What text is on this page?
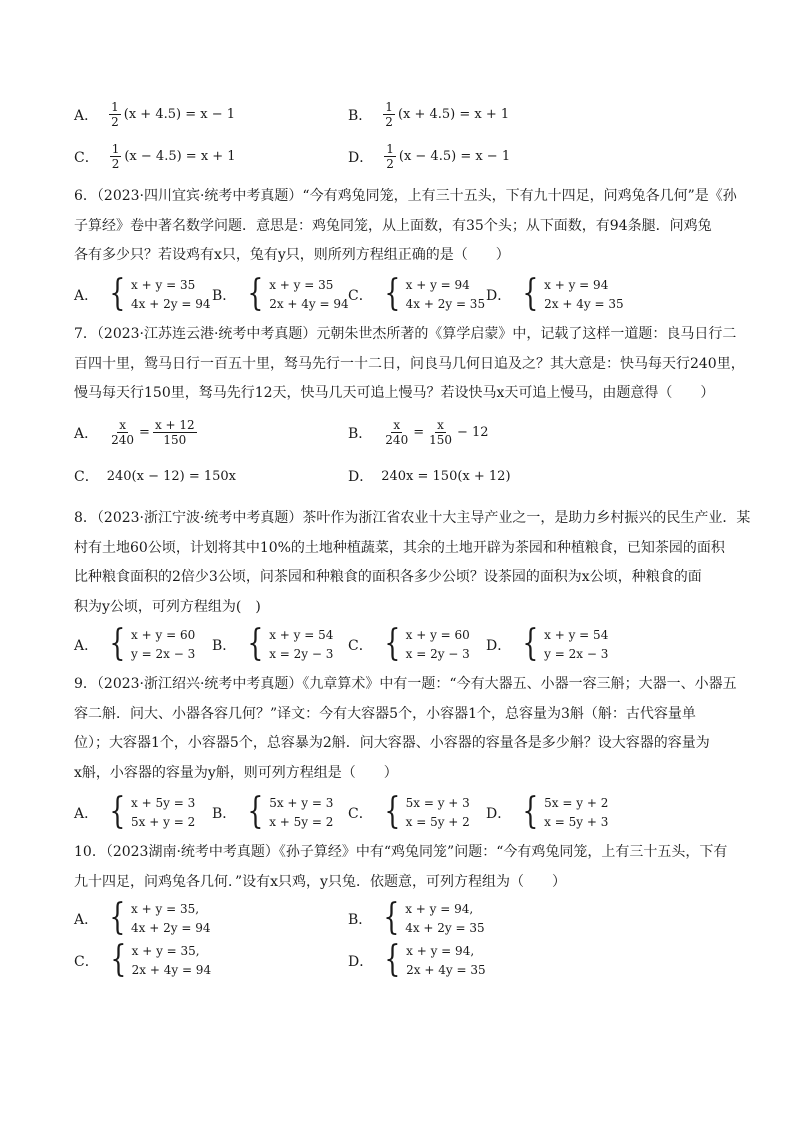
A． $\frac{1}{2} (x + 4.5) = x - 1$	B． $\frac{1}{2} (x + 4.5) = x + 1$
C． $\frac{1}{2} (x - 4.5) = x + 1$	D． $\frac{1}{2} (x - 4.5) = x - 1$
6．（2023·四川宜宾·统考中考真题）“今有鸡兔同笼，上有三十五头，下有九十四足，问鸡兔各几何”是《孙
子算经》卷中著名数学问题．意思是：鸡兔同笼，从上面数，有35个头；从下面数，有94条腿．问鸡兔
各有多少只？若设鸡有x只，兔有y只，则所列方程组正确的是（　　）
A． { x + y = 35
4x + 2y = 94 B． { x + y = 35
2x + 4y = 94 C． { x + y = 94
4x + 2y = 35 D． { x + y = 94
2x + 4y = 35
7．（2023·江苏连云港·统考中考真题）元朝朱世杰所著的《算学启蒙》中，记载了这样一道题：良马日行二
百四十里，鸳马日行一百五十里，驽马先行一十二日，问良马几何日追及之？其大意是：快马每天行240里，
慢马每天行150里，驽马先行12天，快马几天可追上慢马？若设快马x天可追上慢马，由题意得（　　）
A． $\frac{x}{240} = \frac{x + 12}{150}$	B． $\frac{x}{240} = \frac{x}{150} - 12$
C． 240(x − 12) = 150x	D． 240x = 150(x + 12)
8．（2023·浙江宁波·统考中考真题）茶叶作为浙江省农业十大主导产业之一，是助力乡村振兴的民生产业．某
村有土地60公顷，计划将其中10%的土地种植蔬菜，其余的土地开辟为茶园和种植粮食，已知茶园的面积
比种粮食面积的2倍少3公顷，问茶园和种粮食的面积各多少公顷？设茶园的面积为x公顷，种粮食的面
积为y公顷，可列方程组为(　)
A． { x + y = 60
y = 2x − 3 B． { x + y = 54
x = 2y − 3 C． { x + y = 60
x = 2y − 3 D． { x + y = 54
y = 2x − 3
9．（2023·浙江绍兴·统考中考真题）《九章算术》中有一题：“今有大器五、小器一容三斛；大器一、小器五
容二斛．问大、小器各容几何？”译文：今有大容器5个，小容器1个，总容量为3斛（斛：古代容量单
位）；大容器1个，小容器5个，总容暴为2斛．问大容器、小容器的容量各是多少斛？设大容器的容量为
x斛，小容器的容量为y斛，则可列方程组是（　　）
A． { x + 5y = 3
5x + y = 2 B． { 5x + y = 3
x + 5y = 2 C． { 5x = y + 3
x = 5y + 2 D． { 5x = y + 2
x = 5y + 3
10．（2023湖南·统考中考真题）《孙子算经》中有“鸡兔同笼”问题：“今有鸡兔同笼，上有三十五头，下有
九十四足，问鸡兔各几何．”设有x只鸡，y只兔．依题意，可列方程组为（　　）
A． { x + y = 35,
4x + 2y = 94	B． { x + y = 94,
4x + 2y = 35
C． { x + y = 35,
2x + 4y = 94	D． { x + y = 94,
2x + 4y = 35
